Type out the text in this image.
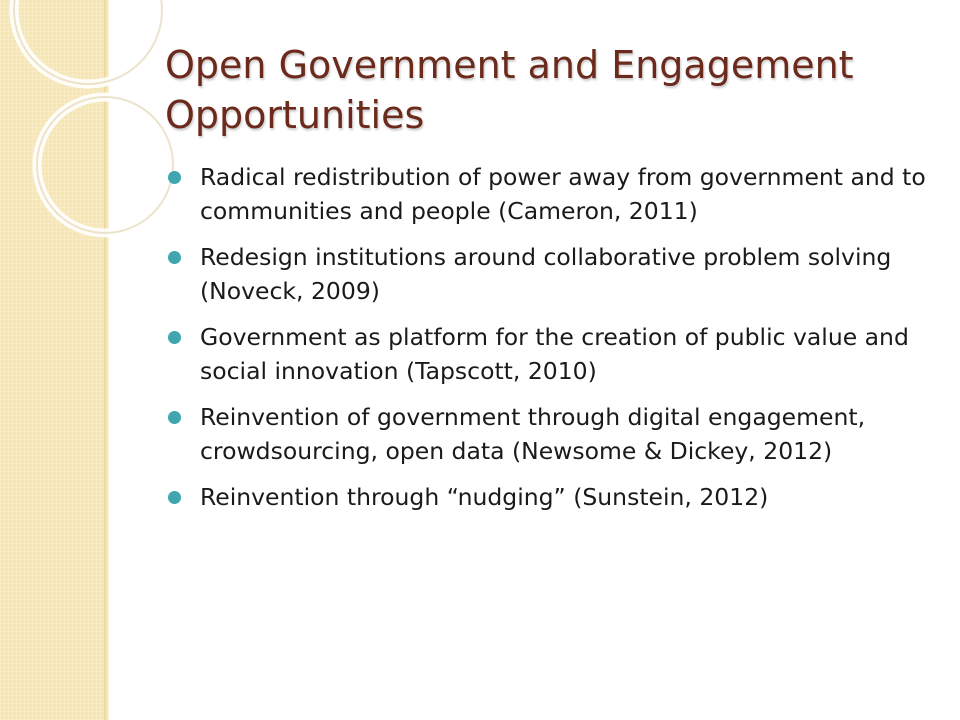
Open Government and Engagement Opportunities
Radical redistribution of power away from government and to communities and people (Cameron, 2011)
Redesign institutions around collaborative problem solving (Noveck, 2009)
Government as platform for the creation of public value and social innovation (Tapscott, 2010)
Reinvention of government through digital engagement, crowdsourcing, open data (Newsome & Dickey, 2012)
Reinvention through “nudging” (Sunstein, 2012)
